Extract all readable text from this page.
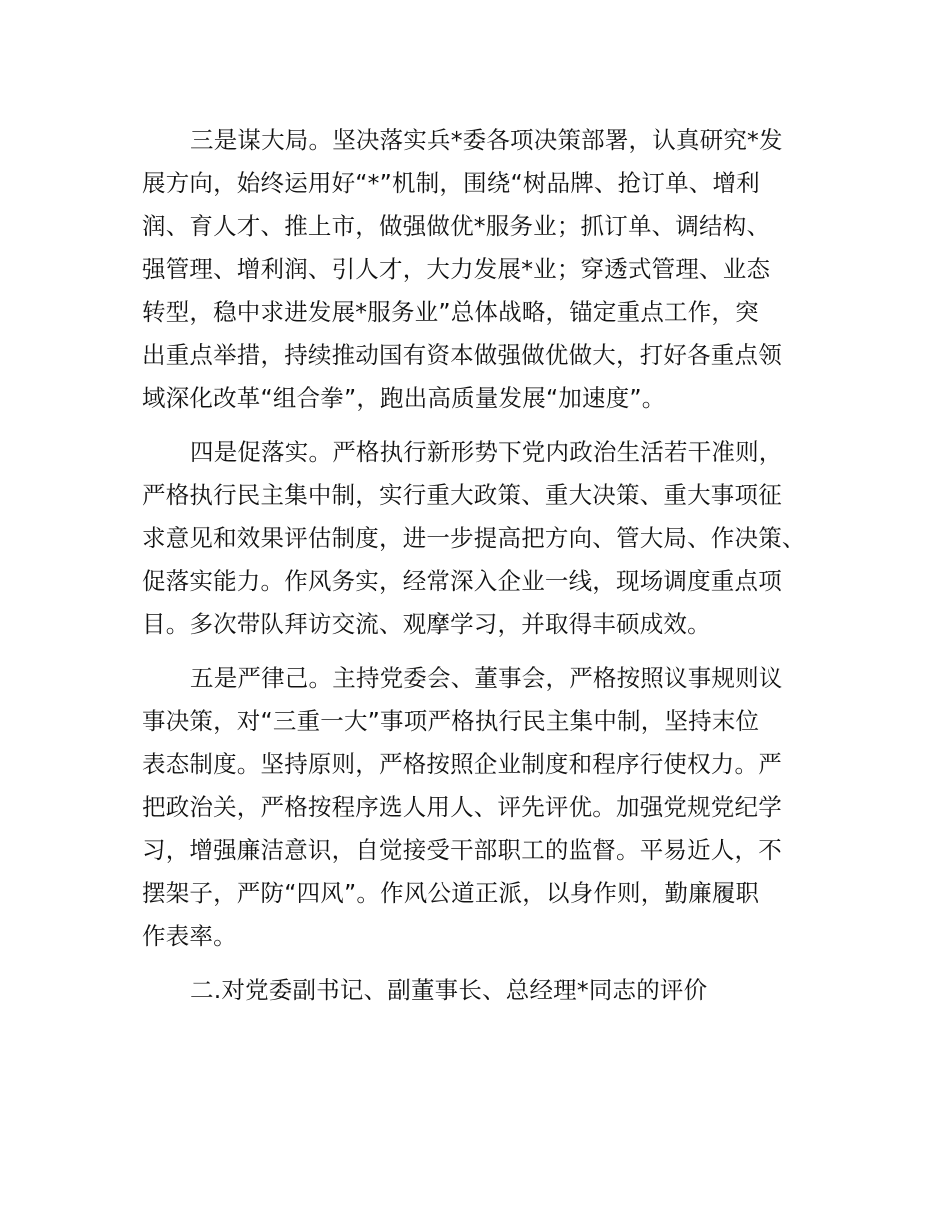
三是谋大局。坚决落实兵*委各项决策部署，认真研究*发
展方向，始终运用好“*”机制，围绕“树品牌、抢订单、增利
润、育人才、推上市，做强做优*服务业；抓订单、调结构、
强管理、增利润、引人才，大力发展*业；穿透式管理、业态
转型，稳中求进发展*服务业”总体战略，锚定重点工作，突
出重点举措，持续推动国有资本做强做优做大，打好各重点领
域深化改革“组合拳”，跑出高质量发展“加速度”。
四是促落实。严格执行新形势下党内政治生活若干准则，
严格执行民主集中制，实行重大政策、重大决策、重大事项征
求意见和效果评估制度，进一步提高把方向、管大局、作决策、
促落实能力。作风务实，经常深入企业一线，现场调度重点项
目。多次带队拜访交流、观摩学习，并取得丰硕成效。
五是严律己。主持党委会、董事会，严格按照议事规则议
事决策，对“三重一大”事项严格执行民主集中制，坚持末位
表态制度。坚持原则，严格按照企业制度和程序行使权力。严
把政治关，严格按程序选人用人、评先评优。加强党规党纪学
习，增强廉洁意识，自觉接受干部职工的监督。平易近人，不
摆架子，严防“四风”。作风公道正派，以身作则，勤廉履职
作表率。
二.对党委副书记、副董事长、总经理*同志的评价
